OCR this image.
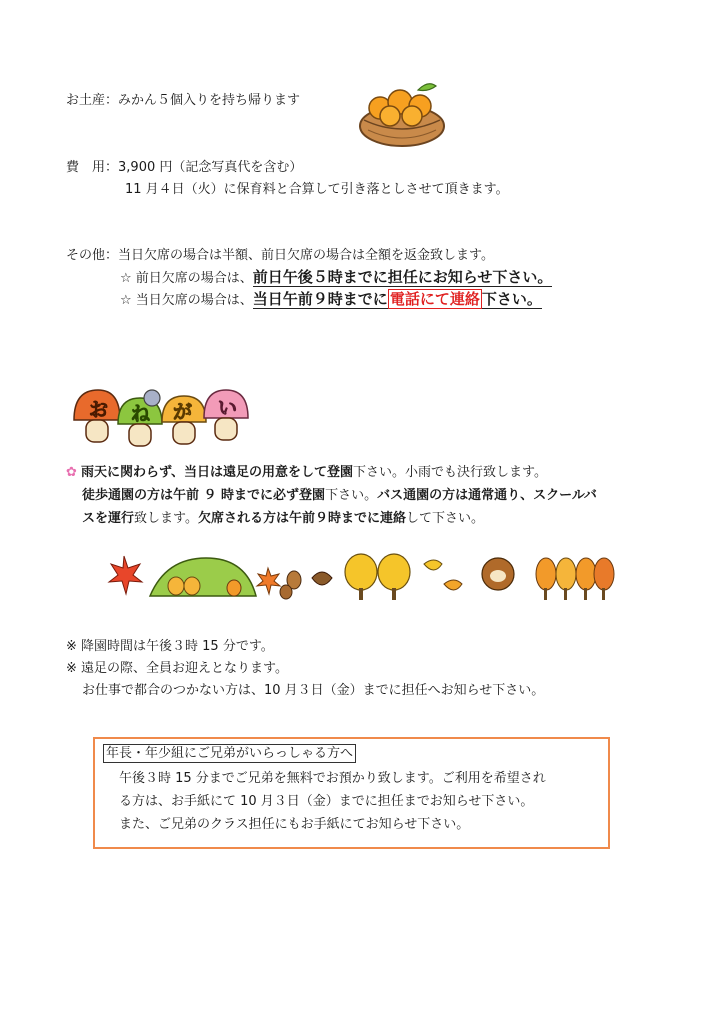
お土産：みかん５個入りを持ち帰ります
費　用：3,900 円（記念写真代を含む）
11 月４日（火）に保育料と合算して引き落としさせて頂きます。
その他：当日欠席の場合は半額、前日欠席の場合は全額を返金致します。
☆ 前日欠席の場合は、前日午後５時までに担任にお知らせ下さい。
☆ 当日欠席の場合は、当日午前９時までに 電話にて連絡 下さい。
お ね が い
✿ 雨天に関わらず、当日は遠足の用意をして登園下さい。小雨でも決行致します。
徒歩通園の方は午前 ９ 時までに必ず登園下さい。バス通園の方は通常通り、スクールバ
スを運行致します。欠席される方は午前９時までに連絡して下さい。
※ 降園時間は午後３時 15 分です。
※ 遠足の際、全員お迎えとなります。
お仕事で都合のつかない方は、10 月３日（金）までに担任へお知らせ下さい。
年長・年少組にご兄弟がいらっしゃる方へ
午後３時 15 分までご兄弟を無料でお預かり致します。ご利用を希望され
る方は、お手紙にて 10 月３日（金）までに担任までお知らせ下さい。
また、ご兄弟のクラス担任にもお手紙にてお知らせ下さい。
